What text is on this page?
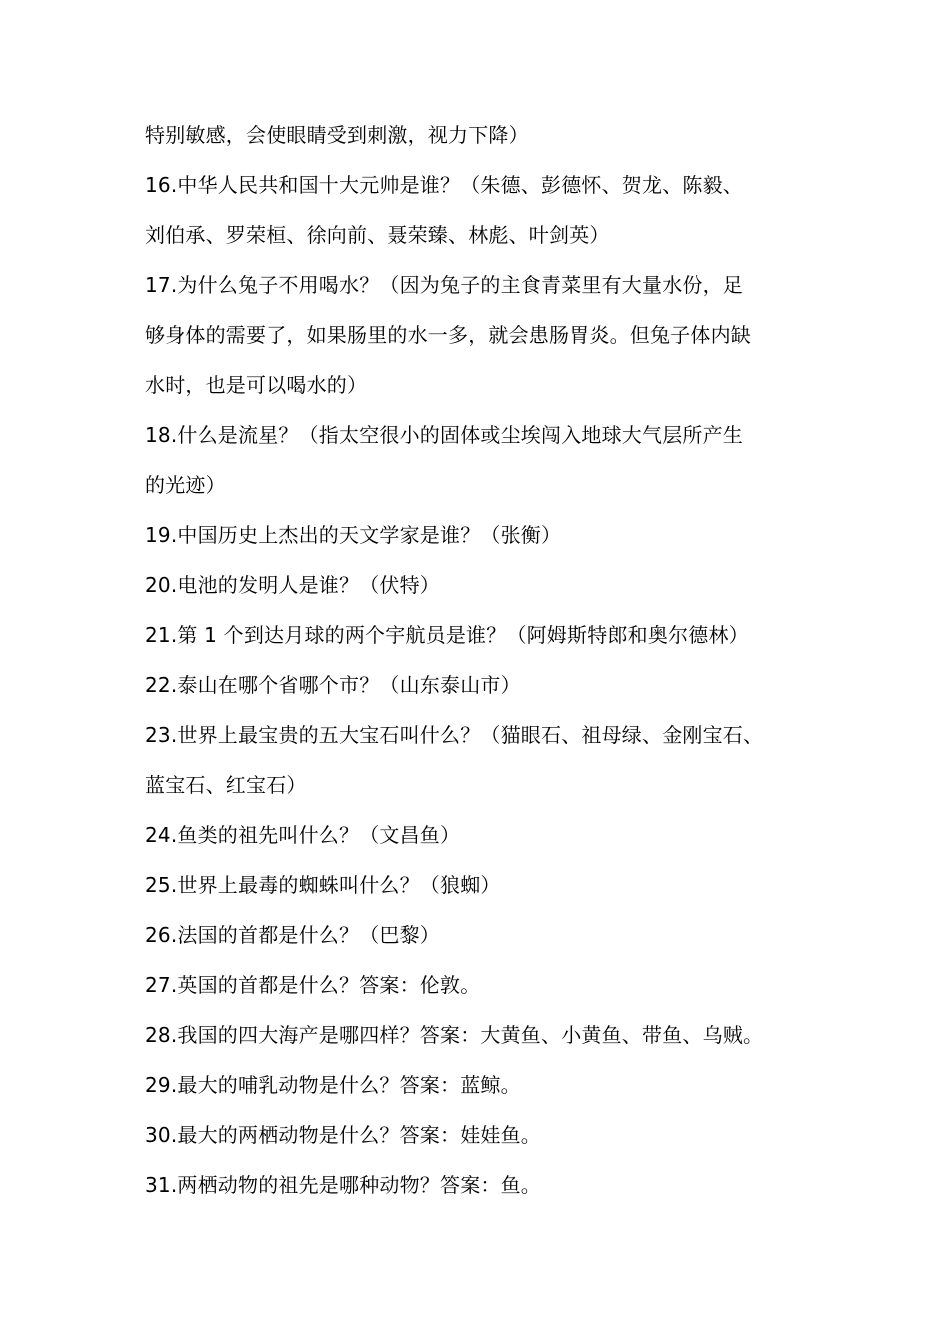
特别敏感，会使眼睛受到刺激，视力下降）
16.中华人民共和国十大元帅是谁？（朱德、彭德怀、贺龙、陈毅、
刘伯承、罗荣桓、徐向前、聂荣臻、林彪、叶剑英）
17.为什么兔子不用喝水？（因为兔子的主食青菜里有大量水份，足
够身体的需要了，如果肠里的水一多，就会患肠胃炎。但兔子体内缺
水时，也是可以喝水的）
18.什么是流星？（指太空很小的固体或尘埃闯入地球大气层所产生
的光迹）
19.中国历史上杰出的天文学家是谁？（张衡）
20.电池的发明人是谁？（伏特）
21.第 1 个到达月球的两个宇航员是谁？（阿姆斯特郎和奥尔德林）
22.泰山在哪个省哪个市？（山东泰山市）
23.世界上最宝贵的五大宝石叫什么？（猫眼石、祖母绿、金刚宝石、
蓝宝石、红宝石）
24.鱼类的祖先叫什么？（文昌鱼）
25.世界上最毒的蜘蛛叫什么？（狼蜘）
26.法国的首都是什么？（巴黎）
27.英国的首都是什么？答案：伦敦。
28.我国的四大海产是哪四样？答案：大黄鱼、小黄鱼、带鱼、乌贼。
29.最大的哺乳动物是什么？答案：蓝鲸。
30.最大的两栖动物是什么？答案：娃娃鱼。
31.两栖动物的祖先是哪种动物？答案：鱼。
